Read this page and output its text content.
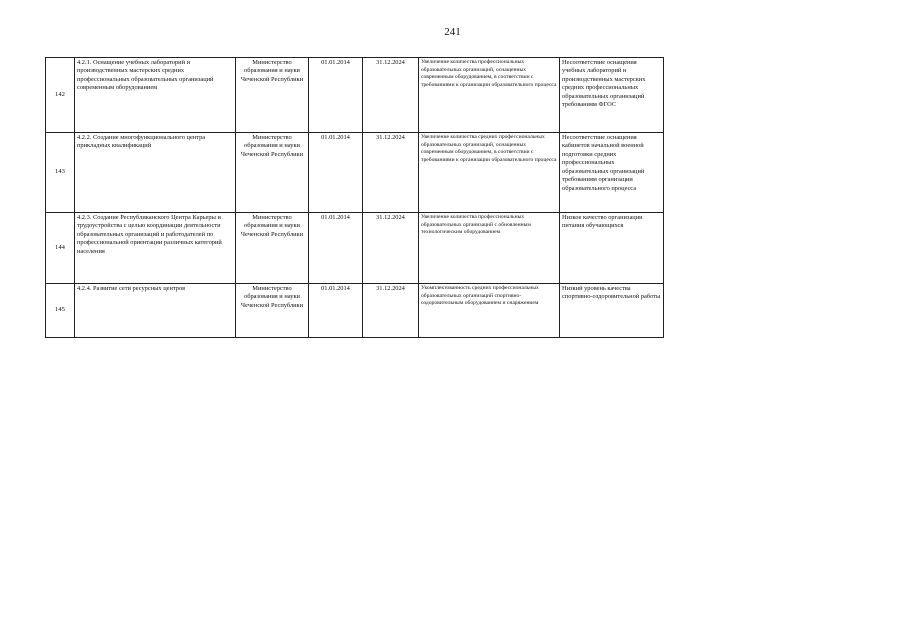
241
142	4.2.1. Оснащение учебных лабораторий и производственных мастерских средних профессиональных образовательных организаций современным оборудованием	Министерство образования и науки Чеченской Республики	01.01.2014	31.12.2024	Увеличение количества профессиональных образовательных организаций, оснащенных современным оборудованием, в соответствии с требованиями к организации образовательного процесса	Несоответствие оснащения учебных лабораторий и производственных мастерских средних профессиональных образовательных организаций требованиям ФГОС
143	4.2.2. Создание многофункционального центра прикладных квалификаций	Министерство образования и науки Чеченской Республики	01.01.2014	31.12.2024	Увеличение количества средних профессиональных образовательных организаций, оснащенных современным оборудованием, в соответствии с требованиями к организации образовательного процесса	Несоответствие оснащения кабинетов начальной военной подготовки средних профессиональных образовательных организаций требованиям организации образовательного процесса
144	4.2.3. Создание Республиканского Центра Карьеры и трудоустройства с целью координации деятельности образовательных организаций и работодателей по профессиональной ориентации различных категорий населения	Министерство образования и науки Чеченской Республики	01.01.2014	31.12.2024	Увеличение количества профессиональных образовательных организаций с обновленным технологическим оборудованием	Низкое качество организации питания обучающихся
145	4.2.4. Развитие сети ресурсных центров	Министерство образования и науки Чеченской Республики	01.01.2014	31.12.2024	Укомплектованность средних профессиональных образовательных организаций спортивно-оздоровительным оборудованием и снаряжением	Низкий уровень качества спортивно-оздоровительной работы
